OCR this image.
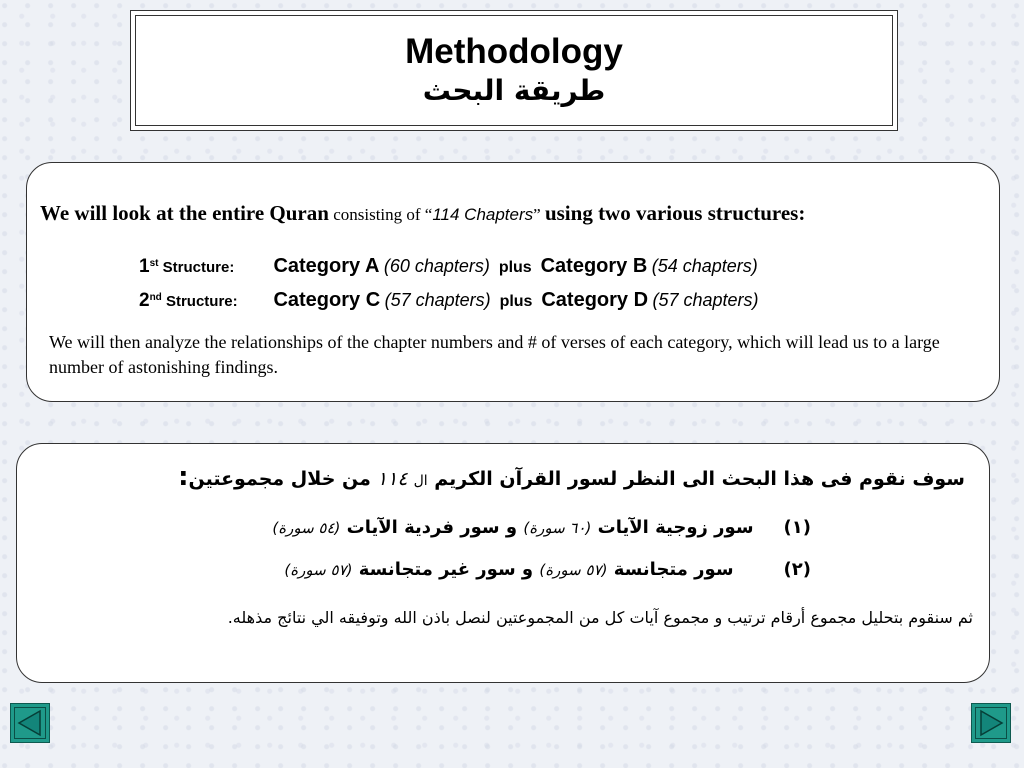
Methodology
طريقة البحث
We will look at the entire Quran consisting of “114 Chapters” using two various structures:
1st Structure: Category A (60 chapters) plus Category B (54 chapters)
2nd Structure: Category C (57 chapters) plus Category D (57 chapters)
We will then analyze the relationships of the chapter numbers and # of verses of each category, which will lead us to a large number of astonishing findings.
سوف نقوم فى هذا البحث الى النظر لسور القرآن الكريم ال ١١٤ من خلال مجموعتين:
(١)سور زوجية الآيات (٦٠ سورة) و سور فردية الآيات (٥٤ سورة)
(٢)سور متجانسة (٥٧ سورة) و سور غير متجانسة (٥٧ سورة)
ثم سنقوم بتحليل مجموع أرقام ترتيب و مجموع آيات كل من المجموعتين لنصل باذن الله وتوفيقه الي نتائج مذهله.
